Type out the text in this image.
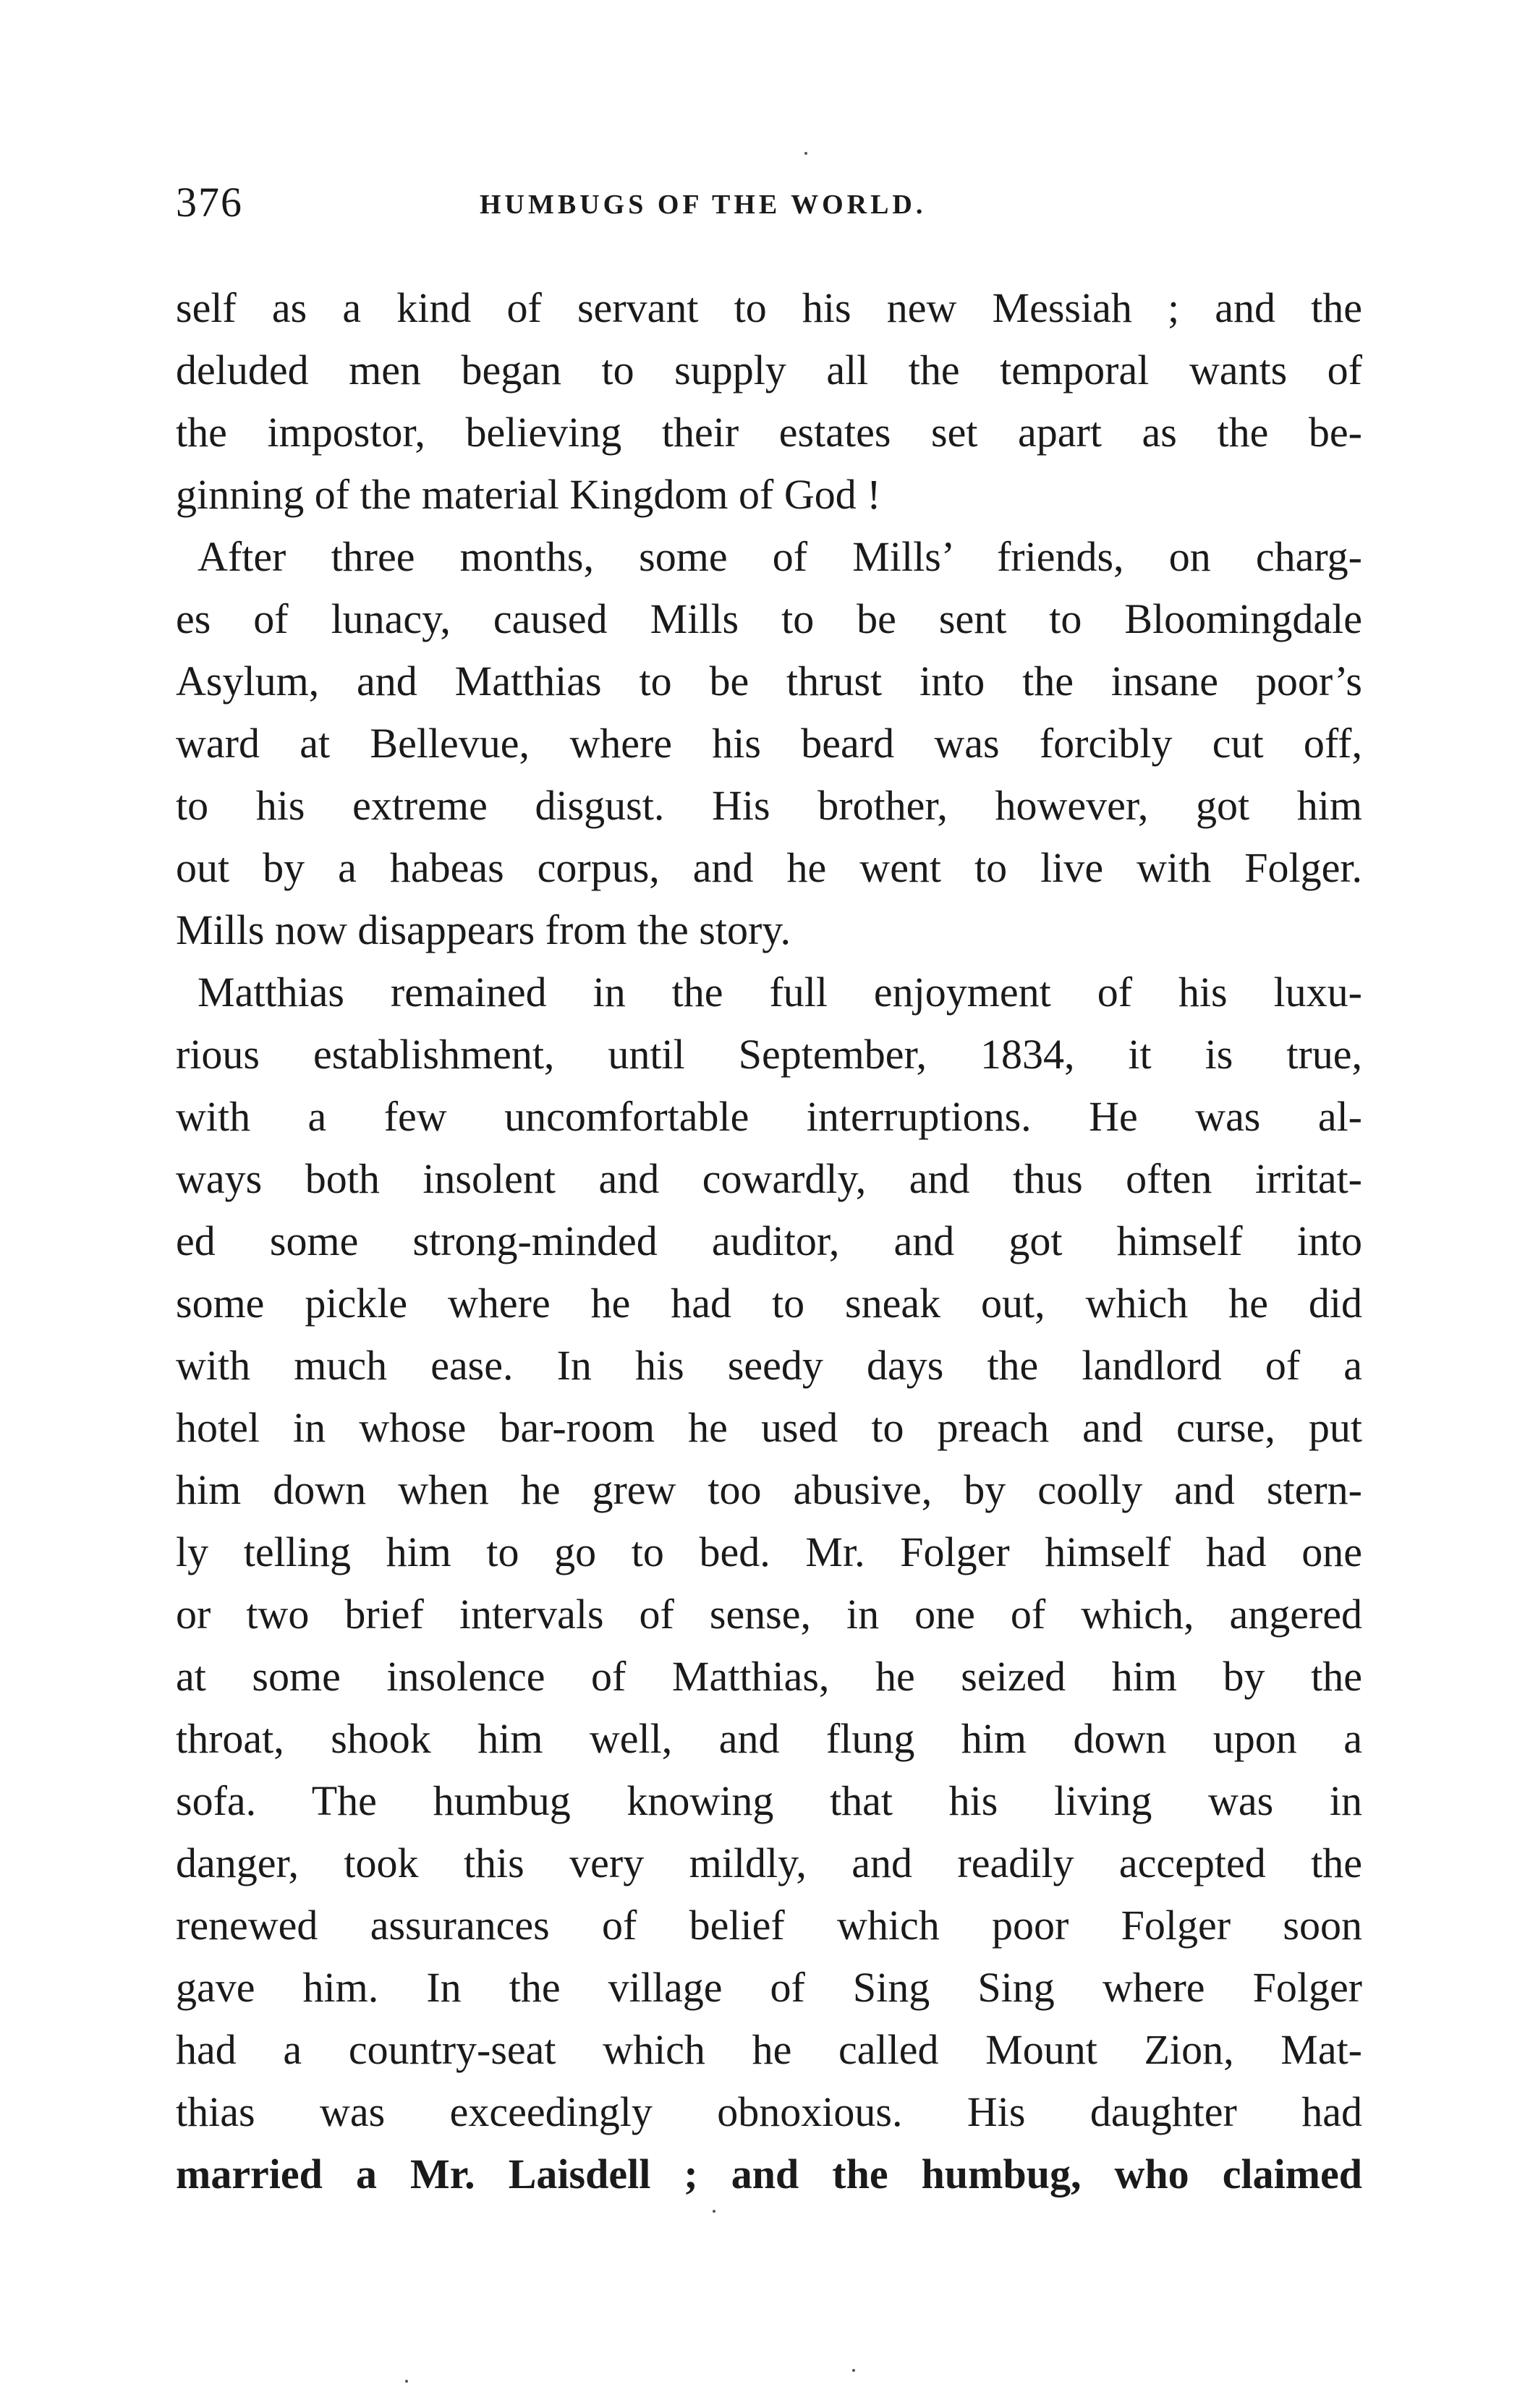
376	HUMBUGS OF THE WORLD.
self as a kind of servant to his new Messiah ; and the
deluded men began to supply all the temporal wants of
the impostor, believing their estates set apart as the be-
ginning of the material Kingdom of God !
After three months, some of Mills’ friends, on charg-
es of lunacy, caused Mills to be sent to Bloomingdale
Asylum, and Matthias to be thrust into the insane poor’s
ward at Bellevue, where his beard was forcibly cut off,
to his extreme disgust. His brother, however, got him
out by a habeas corpus, and he went to live with Folger.
Mills now disappears from the story.
Matthias remained in the full enjoyment of his luxu-
rious establishment, until September, 1834, it is true,
with a few uncomfortable interruptions. He was al-
ways both insolent and cowardly, and thus often irritat-
ed some strong-minded auditor, and got himself into
some pickle where he had to sneak out, which he did
with much ease. In his seedy days the landlord of a
hotel in whose bar-room he used to preach and curse, put
him down when he grew too abusive, by coolly and stern-
ly telling him to go to bed. Mr. Folger himself had one
or two brief intervals of sense, in one of which, angered
at some insolence of Matthias, he seized him by the
throat, shook him well, and flung him down upon a
sofa. The humbug knowing that his living was in
danger, took this very mildly, and readily accepted the
renewed assurances of belief which poor Folger soon
gave him. In the village of Sing Sing where Folger
had a country-seat which he called Mount Zion, Mat-
thias was exceedingly obnoxious. His daughter had
married a Mr. Laisdell ; and the humbug, who claimed
